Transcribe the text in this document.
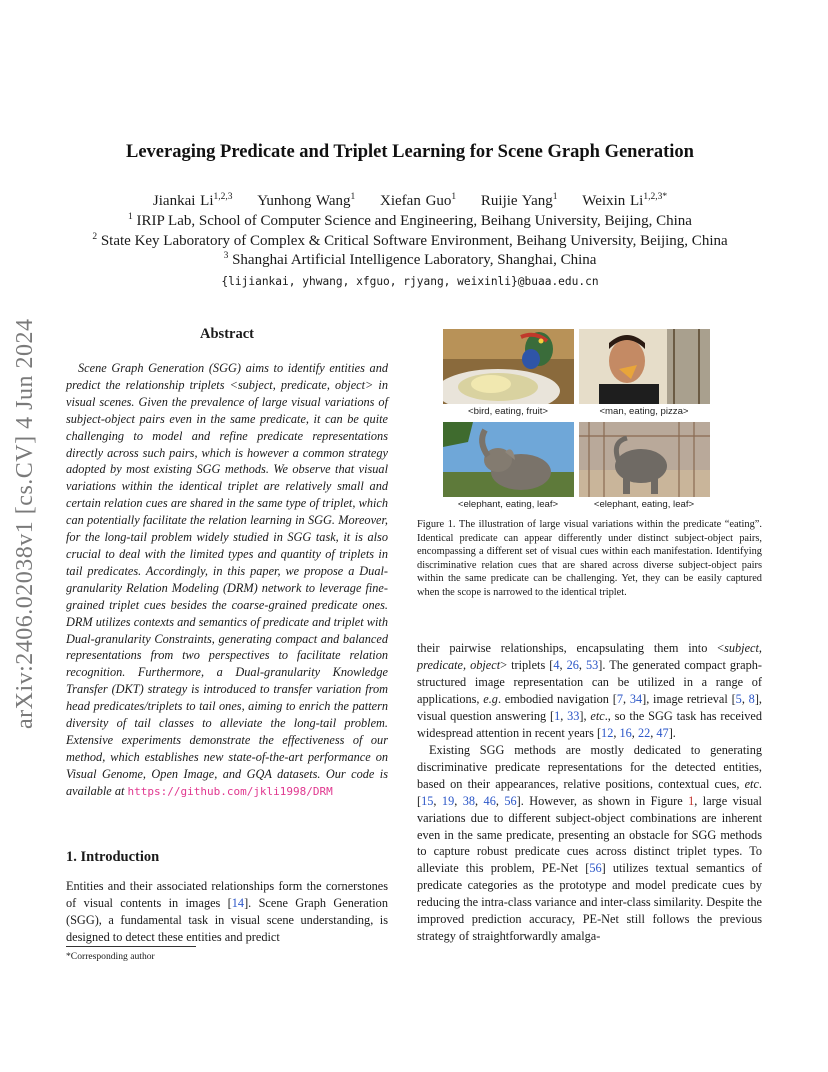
arXiv:2406.02038v1 [cs.CV] 4 Jun 2024
Leveraging Predicate and Triplet Learning for Scene Graph Generation
Jiankai Li$^{1,2,3}$ Yunhong Wang$^1$ Xiefan Guo$^1$ Ruijie Yang$^1$ Weixin $Li^{1,2,3*}$
$^1$ IRIP Lab, School of Computer Science and Engineering, Beihang University, Beijing, China
$^2$ State Key Laboratory of Complex & Critical Software Environment, Beihang University, Beijing, China
$^3$ Shanghai Artificial Intelligence Laboratory, Shanghai, China
{lijiankai, yhwang, xfguo, rjyang, weixinli}@buaa.edu.cn
Abstract
Scene Graph Generation (SGG) aims to identify entities and predict the relationship triplets <subject, predicate, object> in visual scenes. Given the prevalence of large visual variations of subject-object pairs even in the same predicate, it can be quite challenging to model and refine predicate representations directly across such pairs, which is however a common strategy adopted by most existing SGG methods. We observe that visual variations within the identical triplet are relatively small and certain relation cues are shared in the same type of triplet, which can potentially facilitate the relation learning in SGG. Moreover, for the long-tail problem widely studied in SGG task, it is also crucial to deal with the limited types and quantity of triplets in tail predicates. Accordingly, in this paper, we propose a Dual-granularity Relation Modeling (DRM) network to leverage fine-grained triplet cues besides the coarse-grained predicate ones. DRM utilizes contexts and semantics of predicate and triplet with Dual-granularity Constraints, generating compact and balanced representations from two perspectives to facilitate relation recognition. Furthermore, a Dual-granularity Knowledge Transfer (DKT) strategy is introduced to transfer variation from head predicates/triplets to tail ones, aiming to enrich the pattern diversity of tail classes to alleviate the long-tail problem. Extensive experiments demonstrate the effectiveness of our method, which establishes new state-of-the-art performance on Visual Genome, Open Image, and GQA datasets. Our code is available at https://github.com/jkli1998/DRM
1. Introduction
Entities and their associated relationships form the cornerstones of visual contents in images [14]. Scene Graph Generation (SGG), a fundamental task in visual scene understanding, is designed to detect these entities and predict
*Corresponding author
<bird, eating, fruit>	<man, eating, pizza>
<elephant, eating, leaf>	<elephant, eating, leaf>
Figure 1. The illustration of large visual variations within the predicate “eating”. Identical predicate can appear differently under distinct subject-object pairs, encompassing a different set of visual cues within each manifestation. Identifying discriminative relation cues that are shared across diverse subject-object pairs within the same predicate can be challenging. Yet, they can be easily captured when the scope is narrowed to the identical triplet.
their pairwise relationships, encapsulating them into <subject, predicate, object> triplets [4, 26, 53]. The generated compact graph-structured image representation can be utilized in a range of applications, e.g. embodied navigation [7, 34], image retrieval [5, 8], visual question answering [1, 33], etc., so the SGG task has received widespread attention in recent years [12, 16, 22, 47].
Existing SGG methods are mostly dedicated to generating discriminative predicate representations for the detected entities, based on their appearances, relative positions, contextual cues, etc. [15, 19, 38, 46, 56]. However, as shown in Figure 1, large visual variations due to different subject-object combinations are inherent even in the same predicate, presenting an obstacle for SGG methods to capture robust predicate cues across distinct triplet types. To alleviate this problem, PE-Net [56] utilizes textual semantics of predicate categories as the prototype and model predicate cues by reducing the intra-class variance and inter-class similarity. Despite the improved prediction accuracy, PE-Net still follows the previous strategy of straightforwardly amalga-
